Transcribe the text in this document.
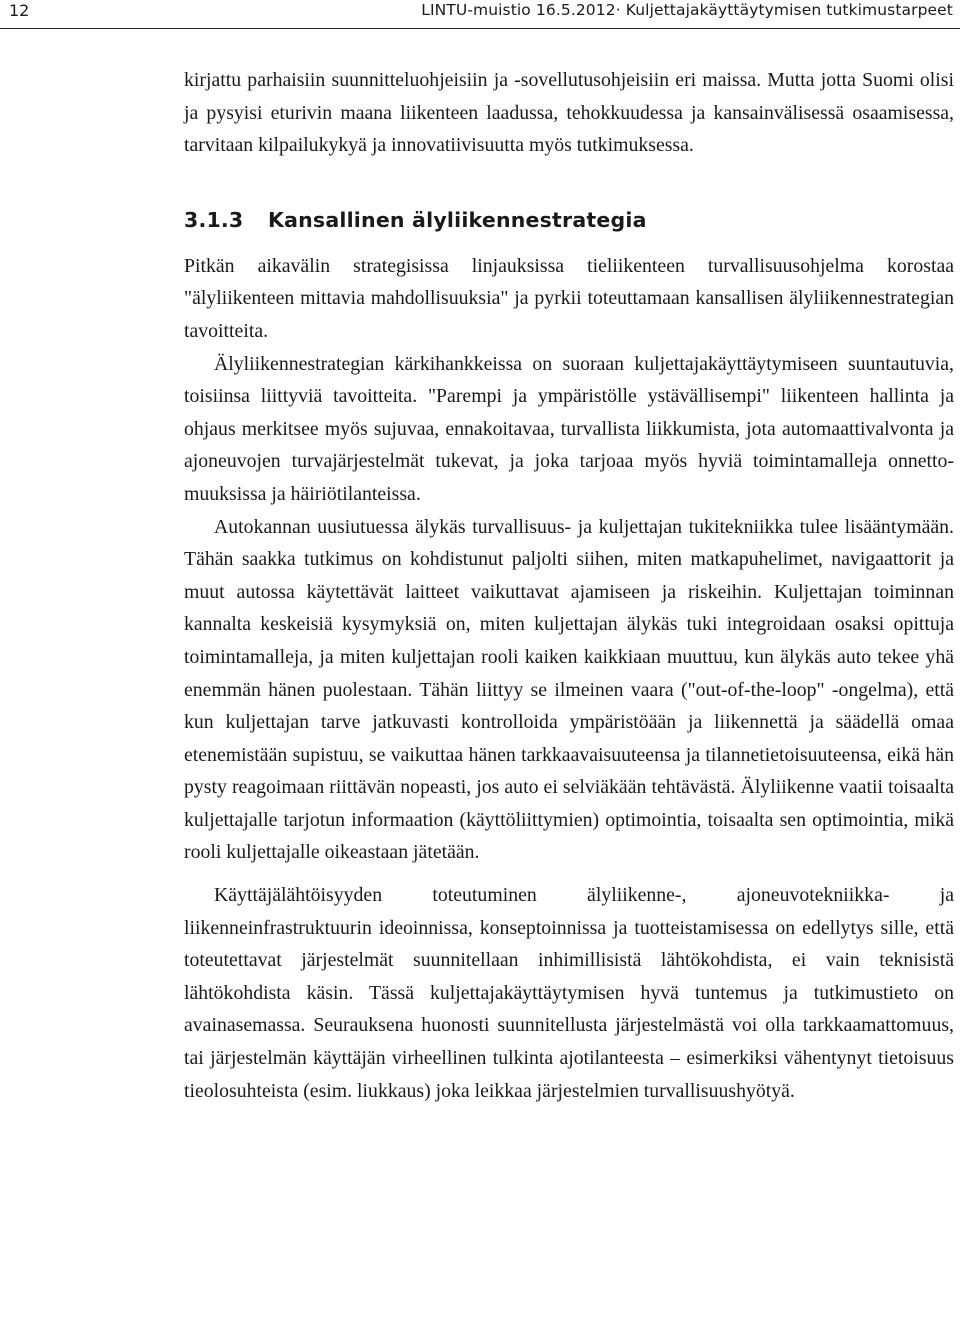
12	LINTU-muistio 16.5.2012· Kuljettajakäyttäytymisen tutkimustarpeet

kirjattu parhaisiin suunnitteluohjeisiin ja -sovellutusohjeisiin eri maissa. Mutta jotta Suomi olisi ja pysyisi eturivin maana liikenteen laadussa, tehokkuudessa ja kansainvälisessä osaamisessa, tarvitaan kilpailukykyä ja innovatiivisuutta myös tutkimuksessa.

3.1.3 Kansallinen älyliikennestrategia

Pitkän aikavälin strategisissa linjauksissa tieliikenteen turvallisuusohjelma korostaa "älyliikenteen mittavia mahdollisuuksia" ja pyrkii toteuttamaan kansallisen älyliikennestrategian tavoitteita.

Älyliikennestrategian kärkihankkeissa on suoraan kuljettajakäyttäytymiseen suuntautuvia, toisiinsa liittyviä tavoitteita. "Parempi ja ympäristölle ystävällisempi" liikenteen hallinta ja ohjaus merkitsee myös sujuvaa, ennakoitavaa, turvallista liikkumista, jota automaattivalvonta ja ajoneuvojen turvajärjestelmät tukevat, ja joka tarjoaa myös hyviä toimintamalleja onnettomuuksissa ja häiriötilanteissa.

Autokannan uusiutuessa älykäs turvallisuus- ja kuljettajan tukitekniikka tulee lisääntymään. Tähän saakka tutkimus on kohdistunut paljolti siihen, miten matkapuhelimet, navigaattorit ja muut autossa käytettävät laitteet vaikuttavat ajamiseen ja riskeihin. Kuljettajan toiminnan kannalta keskeisiä kysymyksiä on, miten kuljettajan älykäs tuki integroidaan osaksi opittuja toimintamalleja, ja miten kuljettajan rooli kaiken kaikkiaan muuttuu, kun älykäs auto tekee yhä enemmän hänen puolestaan. Tähän liittyy se ilmeinen vaara ("out-of-the-loop" -ongelma), että kun kuljettajan tarve jatkuvasti kontrolloida ympäristöään ja liikennettä ja säädellä omaa etenemistään supistuu, se vaikuttaa hänen tarkkaavaisuuteensa ja tilannetietoisuuteensa, eikä hän pysty reagoimaan riittävän nopeasti, jos auto ei selviäkään tehtävästä. Älyliikenne vaatii toisaalta kuljettajalle tarjotun informaation (käyttöliittymien) optimointia, toisaalta sen optimointia, mikä rooli kuljettajalle oikeastaan jätetään.

Käyttäjälähtöisyyden toteutuminen älyliikenne-, ajoneuvotekniikka- ja liikenneinfrastruktuurin ideoinnissa, konseptoinnissa ja tuotteistamisessa on edellytys sille, että toteutettavat järjestelmät suunnitellaan inhimillisistä lähtökohdista, ei vain teknisistä lähtökohdista käsin. Tässä kuljettajakäyttäytymisen hyvä tuntemus ja tutkimustieto on avainasemassa. Seurauksena huonosti suunnitellusta järjestelmästä voi olla tarkkaamattomuus, tai järjestelmän käyttäjän virheellinen tulkinta ajotilanteesta – esimerkiksi vähentynyt tietoisuus tieolosuhteista (esim. liukkaus) joka leikkaa järjestelmien turvallisuushyötyä.
